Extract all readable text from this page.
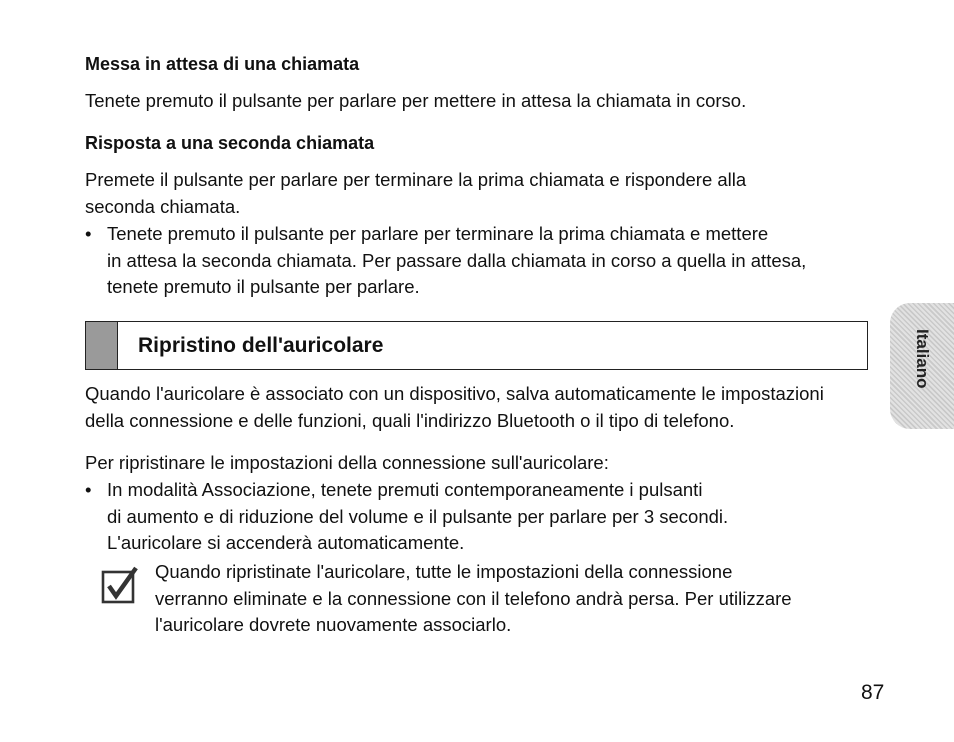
Messa in attesa di una chiamata
Tenete premuto il pulsante per parlare per mettere in attesa la chiamata in corso.
Risposta a una seconda chiamata
Premete il pulsante per parlare per terminare la prima chiamata e rispondere alla
seconda chiamata.
• Tenete premuto il pulsante per parlare per terminare la prima chiamata e mettere
in attesa la seconda chiamata. Per passare dalla chiamata in corso a quella in attesa,
tenete premuto il pulsante per parlare.
Ripristino dell'auricolare
Quando l'auricolare è associato con un dispositivo, salva automaticamente le impostazioni
della connessione e delle funzioni, quali l'indirizzo Bluetooth o il tipo di telefono.
Per ripristinare le impostazioni della connessione sull'auricolare:
• In modalità Associazione, tenete premuti contemporaneamente i pulsanti
di aumento e di riduzione del volume e il pulsante per parlare per 3 secondi.
L'auricolare si accenderà automaticamente.
Quando ripristinate l'auricolare, tutte le impostazioni della connessione
verranno eliminate e la connessione con il telefono andrà persa. Per utilizzare
l'auricolare dovrete nuovamente associarlo.
Italiano
87
